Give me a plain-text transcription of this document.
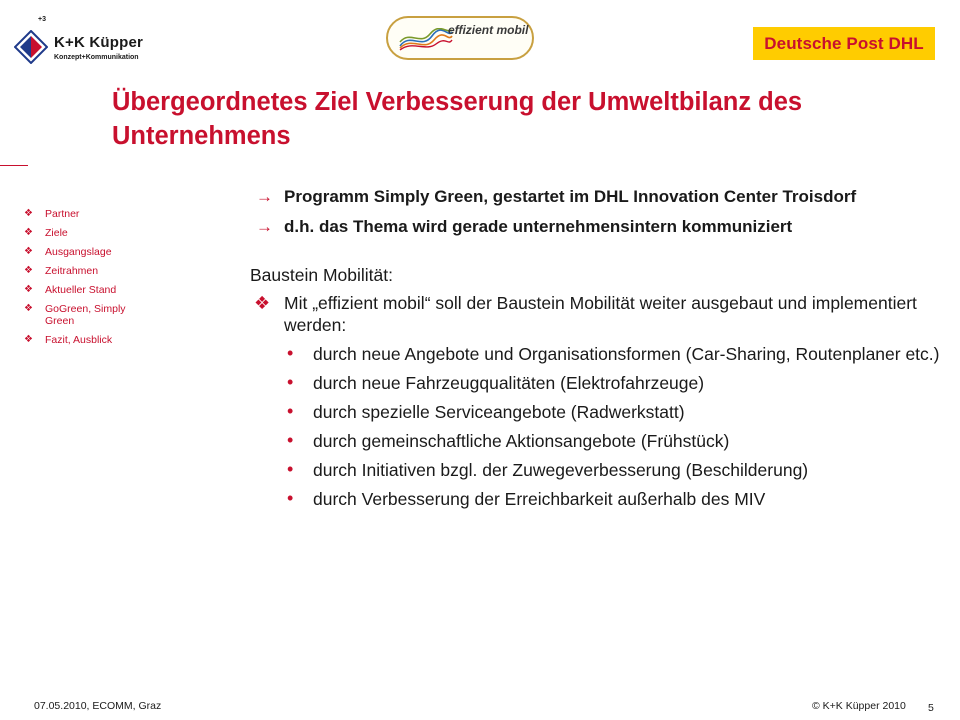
+3
K+K Küpper
Konzept+Kommunikation
effizient mobil
Deutsche Post DHL
Übergeordnetes Ziel Verbesserung der Umweltbilanz des Unternehmens
❖ Partner
❖ Ziele
❖ Ausgangslage
❖ Zeitrahmen
❖ Aktueller Stand
❖ GoGreen, Simply Green
❖ Fazit, Ausblick
→ Programm Simply Green, gestartet im DHL Innovation Center Troisdorf
→ d.h. das Thema wird gerade unternehmensintern kommuniziert
Baustein Mobilität:
❖ Mit „effizient mobil“ soll der Baustein Mobilität weiter ausgebaut und implementiert werden:
• durch neue Angebote und Organisationsformen (Car-Sharing, Routenplaner etc.)
• durch neue Fahrzeugqualitäten (Elektrofahrzeuge)
• durch spezielle Serviceangebote (Radwerkstatt)
• durch gemeinschaftliche Aktionsangebote (Frühstück)
• durch Initiativen bzgl. der Zuwegeverbesserung (Beschilderung)
• durch Verbesserung der Erreichbarkeit außerhalb des MIV
07.05.2010, ECOMM, Graz	© K+K Küpper 2010 5
